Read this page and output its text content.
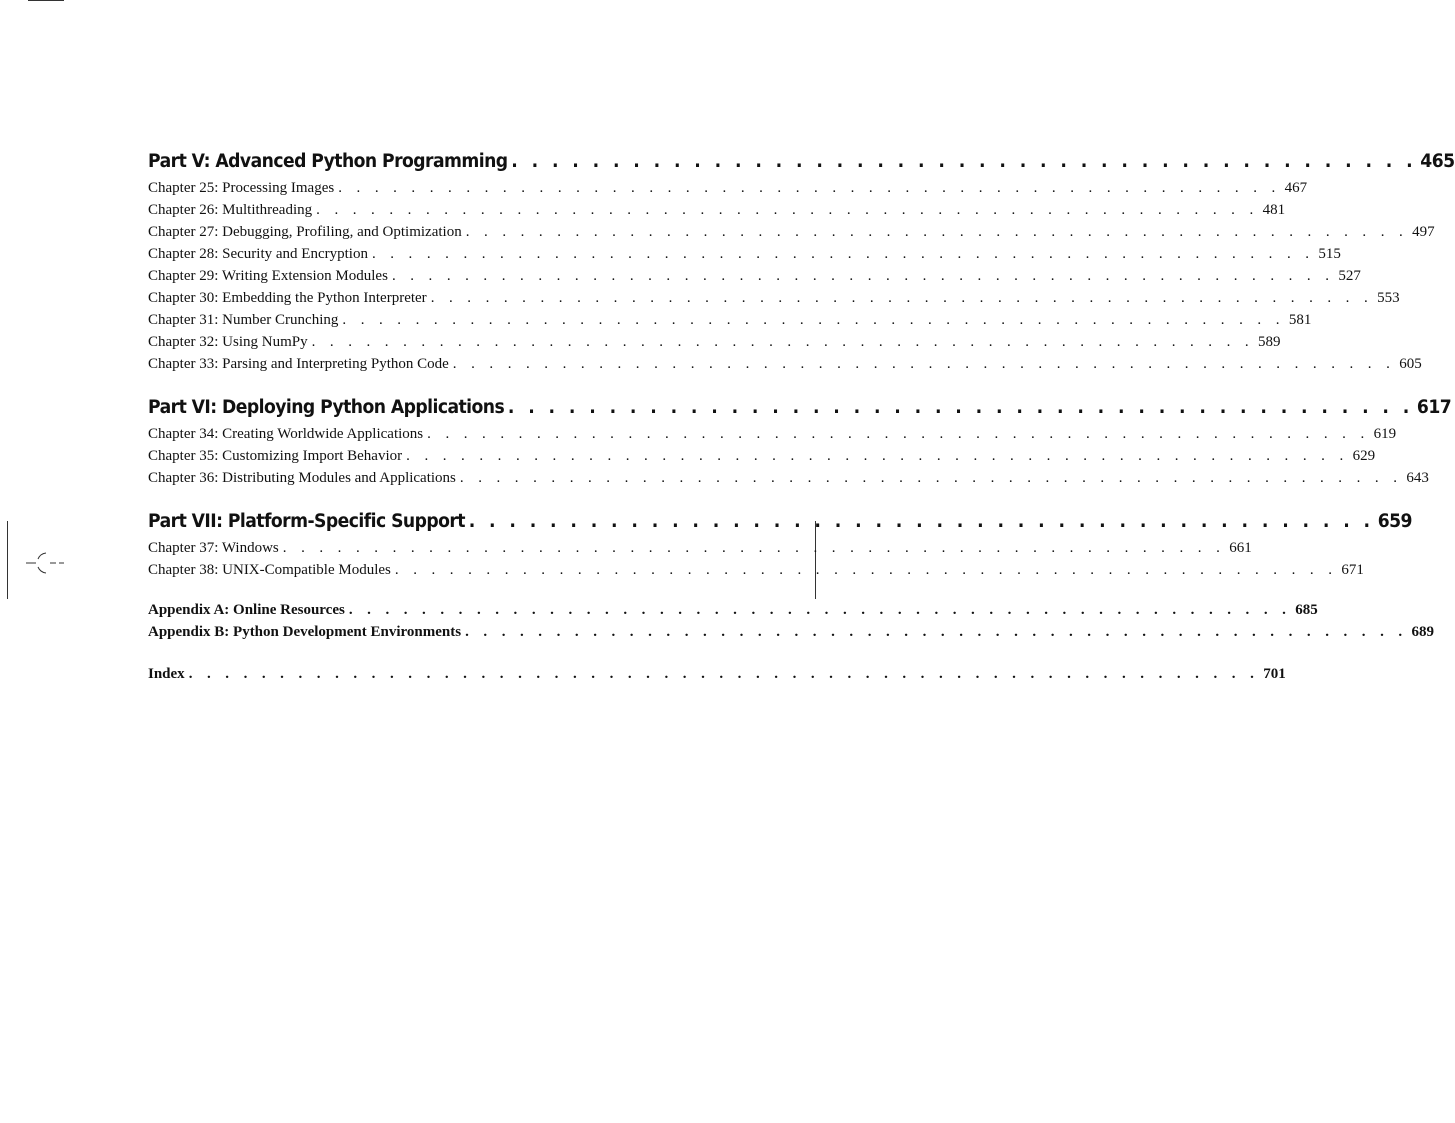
Part V: Advanced Python Programming . . . . . . . . . . . . . . . . . . . . . . . . . . . . . . . . . . . . . . . . . . . . . 465
Chapter 25: Processing Images . . . . . . . . . . . . . . . . . . . . . . . . . . . . . . . . . . . . . . . . . . . . . . . . . . . . 467
Chapter 26: Multithreading . . . . . . . . . . . . . . . . . . . . . . . . . . . . . . . . . . . . . . . . . . . . . . . . . . . . 481
Chapter 27: Debugging, Profiling, and Optimization . . . . . . . . . . . . . . . . . . . . . . . . . . . . . . . . . . . . . . . . . . . . . . . . . . . . 497
Chapter 28: Security and Encryption . . . . . . . . . . . . . . . . . . . . . . . . . . . . . . . . . . . . . . . . . . . . . . . . . . . . 515
Chapter 29: Writing Extension Modules . . . . . . . . . . . . . . . . . . . . . . . . . . . . . . . . . . . . . . . . . . . . . . . . . . . . 527
Chapter 30: Embedding the Python Interpreter . . . . . . . . . . . . . . . . . . . . . . . . . . . . . . . . . . . . . . . . . . . . . . . . . . . . 553
Chapter 31: Number Crunching . . . . . . . . . . . . . . . . . . . . . . . . . . . . . . . . . . . . . . . . . . . . . . . . . . . . 581
Chapter 32: Using NumPy . . . . . . . . . . . . . . . . . . . . . . . . . . . . . . . . . . . . . . . . . . . . . . . . . . . . 589
Chapter 33: Parsing and Interpreting Python Code . . . . . . . . . . . . . . . . . . . . . . . . . . . . . . . . . . . . . . . . . . . . . . . . . . . . 605
Part VI: Deploying Python Applications . . . . . . . . . . . . . . . . . . . . . . . . . . . . . . . . . . . . . . . . . . . . . 617
Chapter 34: Creating Worldwide Applications . . . . . . . . . . . . . . . . . . . . . . . . . . . . . . . . . . . . . . . . . . . . . . . . . . . . 619
Chapter 35: Customizing Import Behavior . . . . . . . . . . . . . . . . . . . . . . . . . . . . . . . . . . . . . . . . . . . . . . . . . . . . 629
Chapter 36: Distributing Modules and Applications . . . . . . . . . . . . . . . . . . . . . . . . . . . . . . . . . . . . . . . . . . . . . . . . . . . . 643
Part VII: Platform-Specific Support . . . . . . . . . . . . . . . . . . . . . . . . . . . . . . . . . . . . . . . . . . . . . 659
Chapter 37: Windows . . . . . . . . . . . . . . . . . . . . . . . . . . . . . . . . . . . . . . . . . . . . . . . . . . . . 661
Chapter 38: UNIX-Compatible Modules . . . . . . . . . . . . . . . . . . . . . . . . . . . . . . . . . . . . . . . . . . . . . . . . . . . . 671
Appendix A: Online Resources . . . . . . . . . . . . . . . . . . . . . . . . . . . . . . . . . . . . . . . . . . . . . . . . . . . . 685
Appendix B: Python Development Environments . . . . . . . . . . . . . . . . . . . . . . . . . . . . . . . . . . . . . . . . . . . . . . . . . . . . 689
Index . . . . . . . . . . . . . . . . . . . . . . . . . . . . . . . . . . . . . . . . . . . . . . . . . . . . . . . . . . . 701
